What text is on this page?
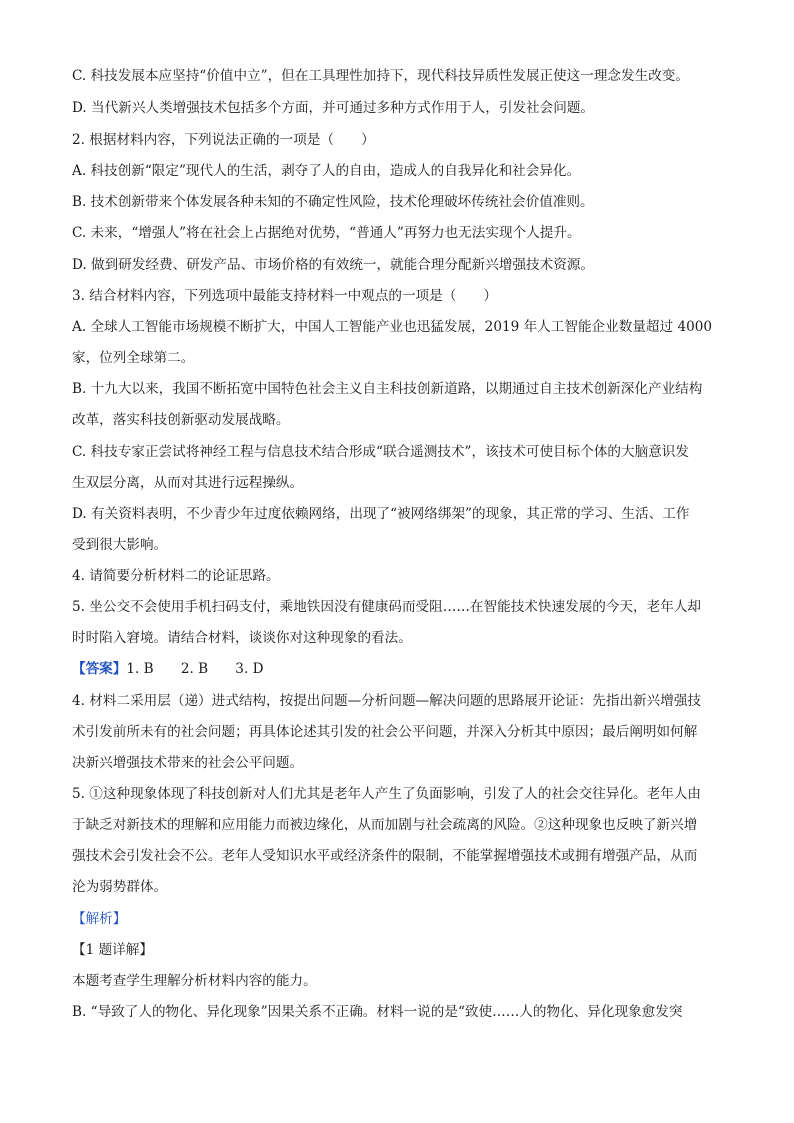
C. 科技发展本应坚持“价值中立”，但在工具理性加持下，现代科技异质性发展正使这一理念发生改变。
D. 当代新兴人类增强技术包括多个方面，并可通过多种方式作用于人，引发社会问题。
2. 根据材料内容，下列说法正确的一项是（　　）
A. 科技创新“限定”现代人的生活，剥夺了人的自由，造成人的自我异化和社会异化。
B. 技术创新带来个体发展各种未知的不确定性风险，技术伦理破坏传统社会价值准则。
C. 未来，“增强人”将在社会上占据绝对优势，“普通人”再努力也无法实现个人提升。
D. 做到研发经费、研发产品、市场价格的有效统一，就能合理分配新兴增强技术资源。
3. 结合材料内容，下列选项中最能支持材料一中观点的一项是（　　）
A. 全球人工智能市场规模不断扩大，中国人工智能产业也迅猛发展，2019 年人工智能企业数量超过 4000
家，位列全球第二。
B. 十九大以来，我国不断拓宽中国特色社会主义自主科技创新道路，以期通过自主技术创新深化产业结构
改革，落实科技创新驱动发展战略。
C. 科技专家正尝试将神经工程与信息技术结合形成“联合遥测技术”，该技术可使目标个体的大脑意识发
生双层分离，从而对其进行远程操纵。
D. 有关资料表明，不少青少年过度依赖网络，出现了“被网络绑架”的现象，其正常的学习、生活、工作
受到很大影响。
4. 请简要分析材料二的论证思路。
5. 坐公交不会使用手机扫码支付，乘地铁因没有健康码而受阻……在智能技术快速发展的今天，老年人却
时时陷入窘境。请结合材料，谈谈你对这种现象的看法。
【答案】1. B　　2. B　　3. D
4. 材料二采用层（递）进式结构，按提出问题—分析问题—解决问题的思路展开论证：先指出新兴增强技
术引发前所未有的社会问题；再具体论述其引发的社会公平问题，并深入分析其中原因；最后阐明如何解
决新兴增强技术带来的社会公平问题。
5. ①这种现象体现了科技创新对人们尤其是老年人产生了负面影响，引发了人的社会交往异化。老年人由
于缺乏对新技术的理解和应用能力而被边缘化，从而加剧与社会疏离的风险。②这种现象也反映了新兴增
强技术会引发社会不公。老年人受知识水平或经济条件的限制，不能掌握增强技术或拥有增强产品，从而
沦为弱势群体。
【解析】
【1 题详解】
本题考查学生理解分析材料内容的能力。
B. “导致了人的物化、异化现象”因果关系不正确。材料一说的是“致使……人的物化、异化现象愈发突
